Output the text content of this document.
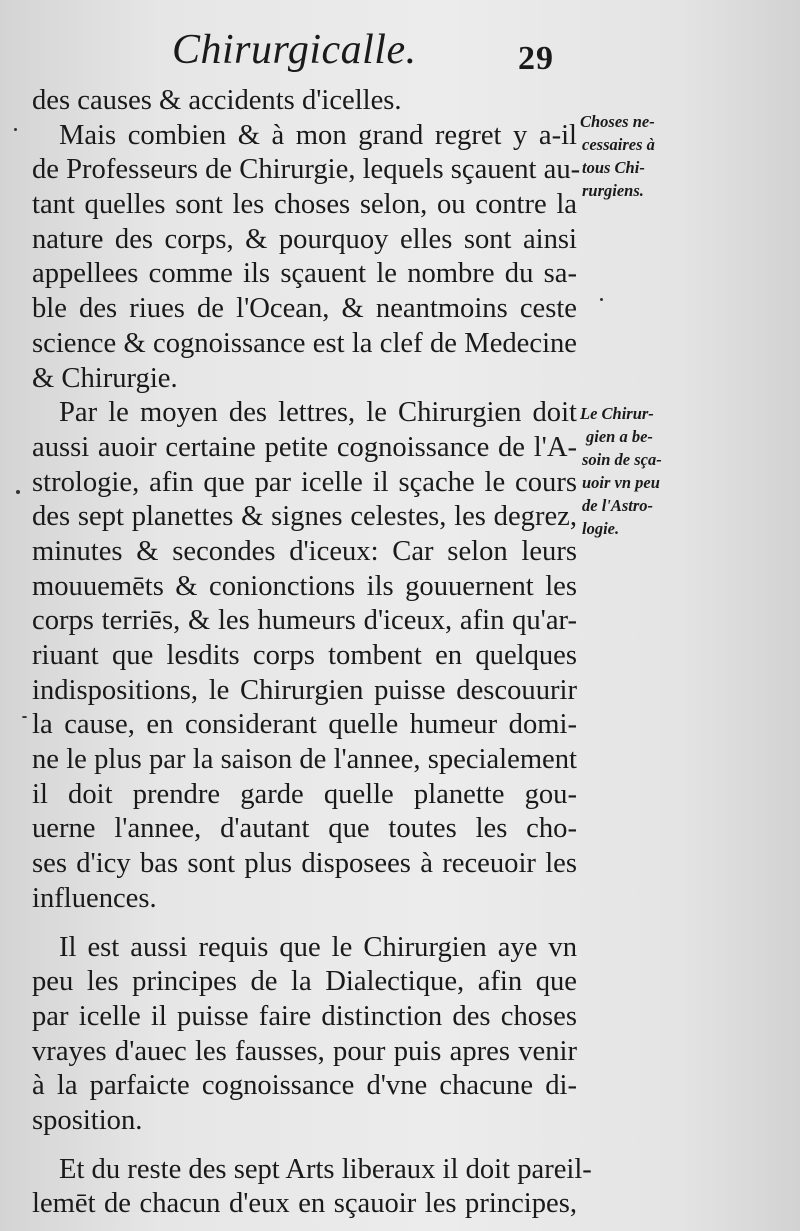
Chirurgicalle.	29
des causes & accidents d'icelles.
Mais combien & à mon grand regret y a-il
de Professeurs de Chirurgie, lequels sçauent au-
tant quelles sont les choses selon, ou contre la
nature des corps, & pourquoy elles sont ainsi
appellees comme ils sçauent le nombre du sa-
ble des riues de l'Ocean, & neantmoins ceste
science & cognoissance est la clef de Medecine
& Chirurgie.
Par le moyen des lettres, le Chirurgien doit
aussi auoir certaine petite cognoissance de l'A-
strologie, afin que par icelle il sçache le cours
des sept planettes & signes celestes, les degrez,
minutes & secondes d'iceux: Car selon leurs
mouuemēts & conionctions ils gouuernent les
corps terriēs, & les humeurs d'iceux, afin qu'ar-
riuant que lesdits corps tombent en quelques
indispositions, le Chirurgien puisse descouurir
la cause, en considerant quelle humeur domi-
ne le plus par la saison de l'annee, specialement
il doit prendre garde quelle planette gou-
uerne l'annee, d'autant que toutes les cho-
ses d'icy bas sont plus disposees à receuoir les
influences.
Il est aussi requis que le Chirurgien aye vn
peu les principes de la Dialectique, afin que
par icelle il puisse faire distinction des choses
vrayes d'auec les fausses, pour puis apres venir
à la parfaicte cognoissance d'vne chacune di-
sposition.
Et du reste des sept Arts liberaux il doit pareil-
lemēt de chacun d'eux en sçauoir les principes,
Choses ne-
cessaires à
tous Chi-
rurgiens.
Le Chirur-
gien a be-
soin de sça-
uoir vn peu
de l'Astro-
logie.
